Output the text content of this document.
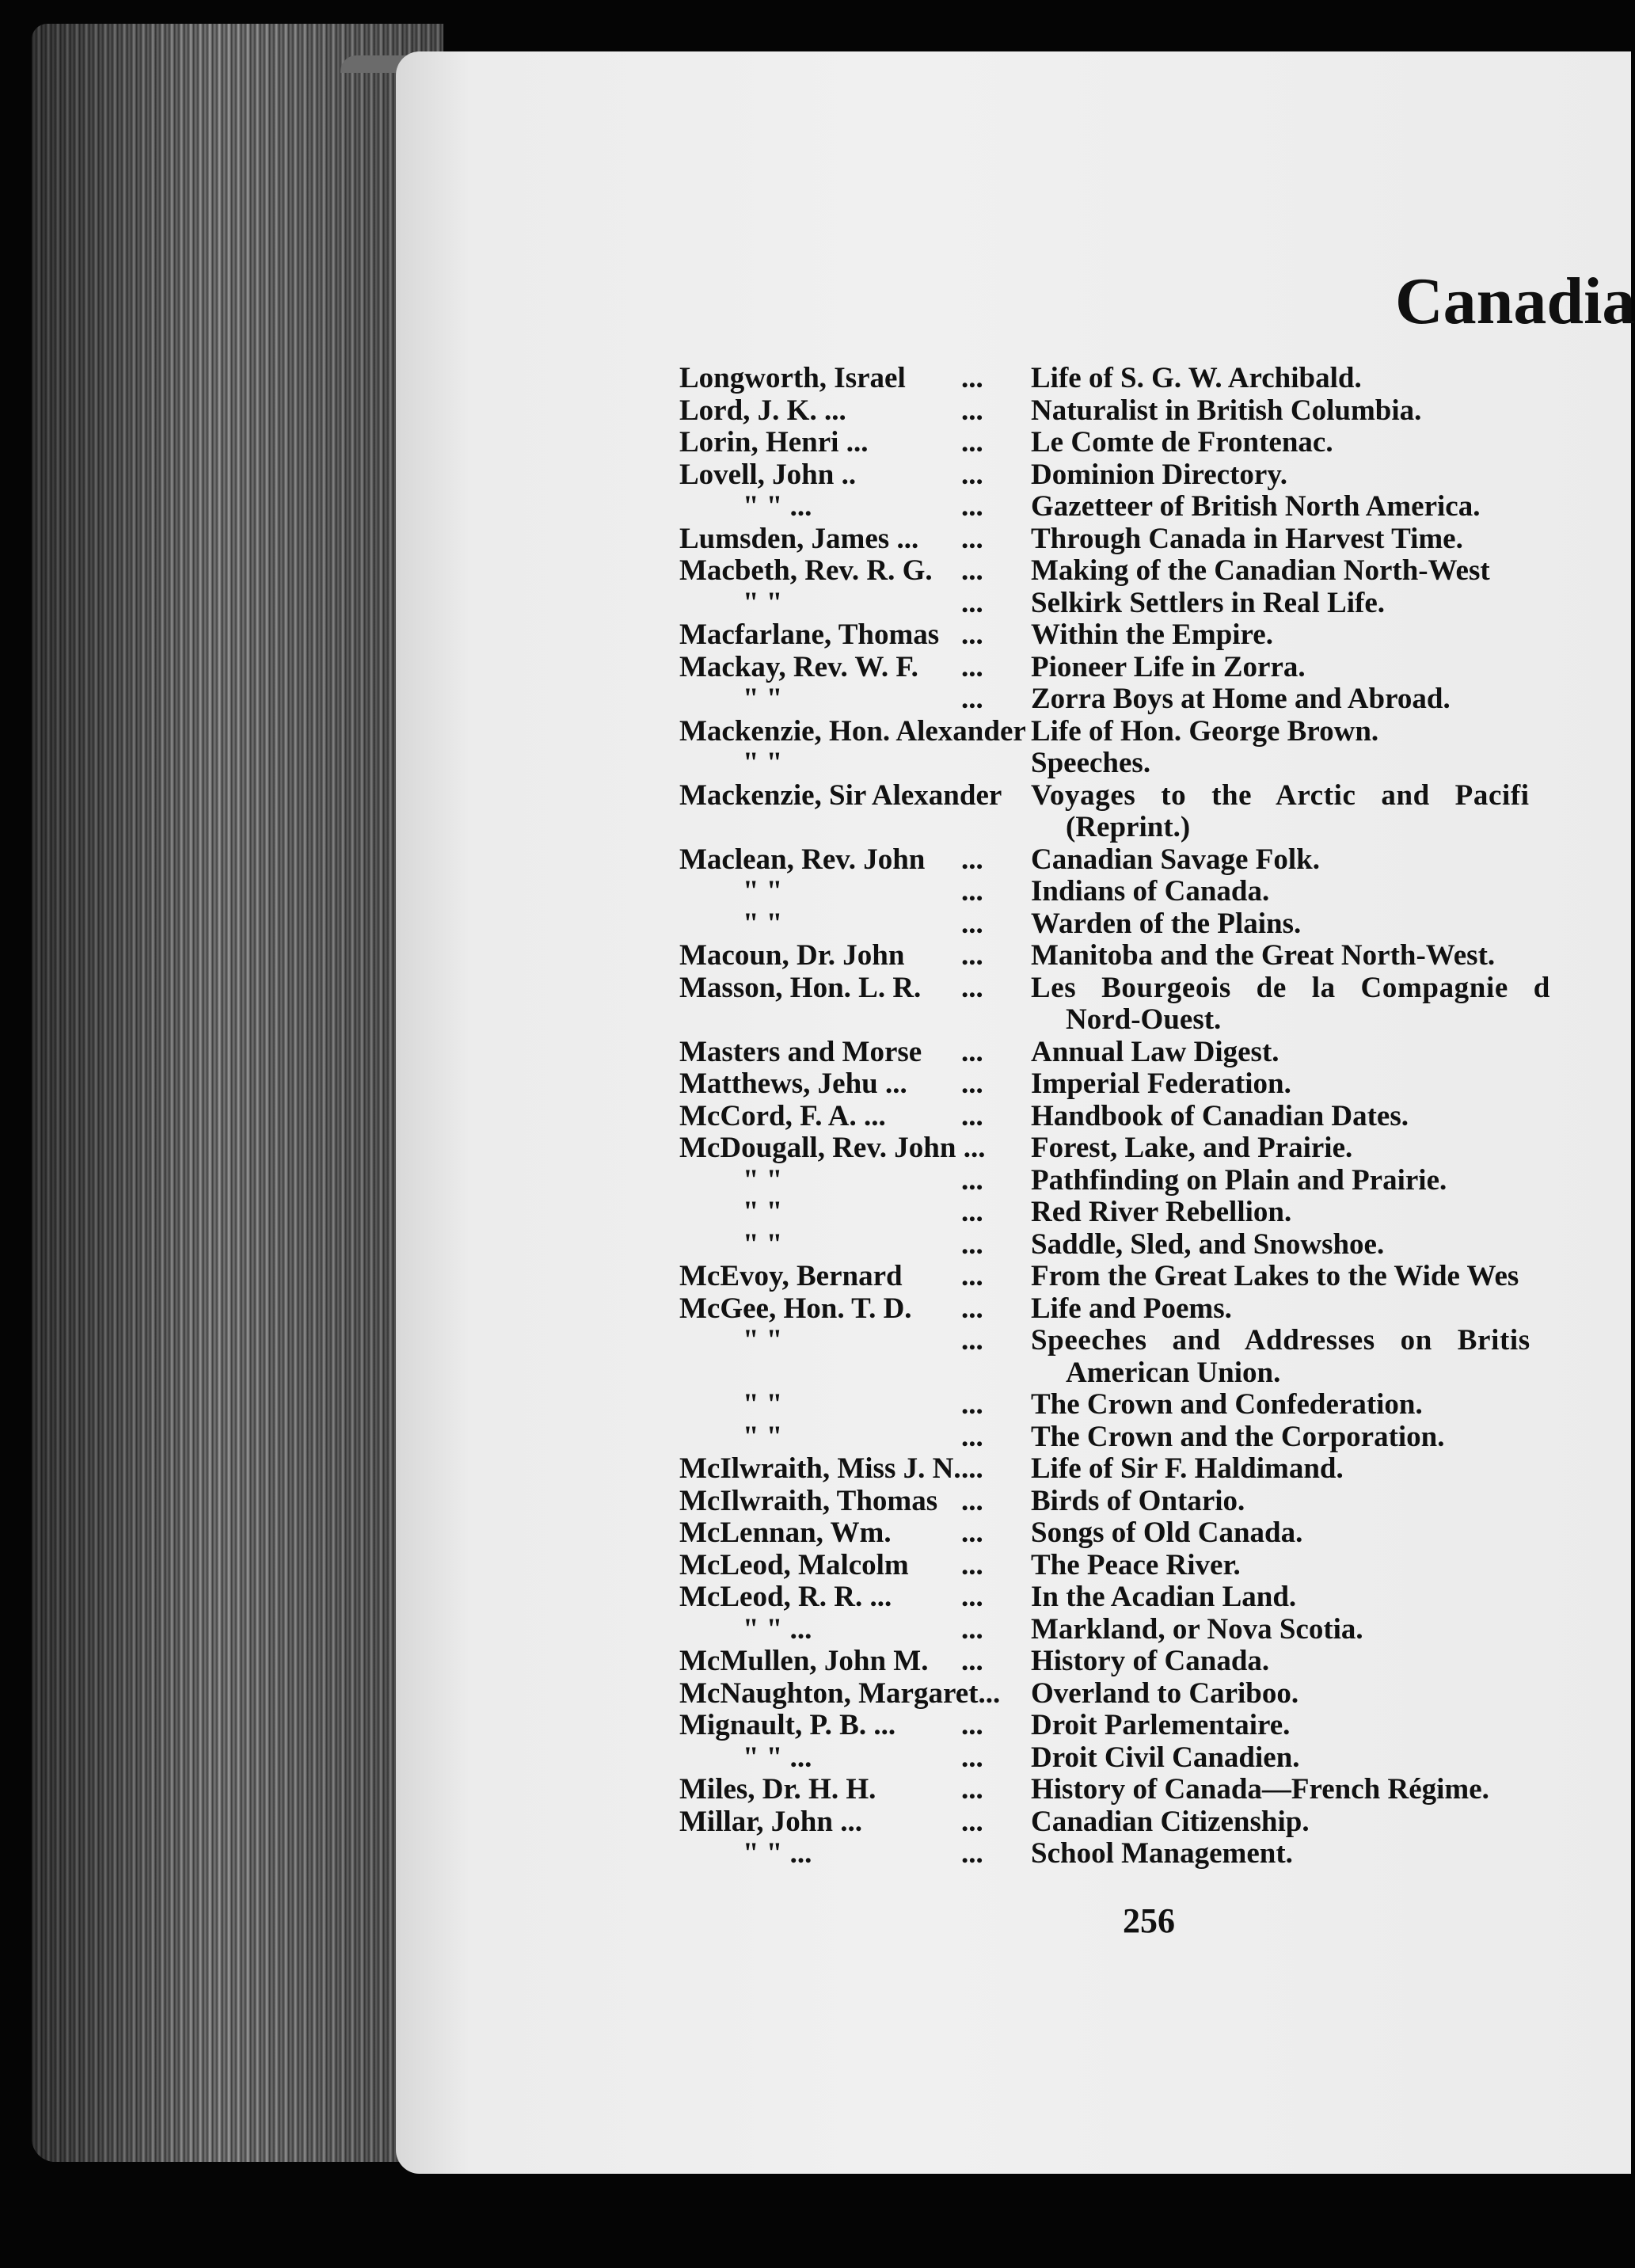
Canadia
Longworth, Israel	...	Life of S. G. W. Archibald.
Lord, J. K. ...	...	Naturalist in British Columbia.
Lorin, Henri ...	...	Le Comte de Frontenac.
Lovell, John ..	...	Dominion Directory.
" " ...	...	Gazetteer of British North America.
Lumsden, James ...	...	Through Canada in Harvest Time.
Macbeth, Rev. R. G. ...	Making of the Canadian North-West
" "	...	Selkirk Settlers in Real Life.
Macfarlane, Thomas ...	Within the Empire.
Mackay, Rev. W. F.	...	Pioneer Life in Zorra.
" "	...	Zorra Boys at Home and Abroad.
Mackenzie, Hon. Alexander Life of Hon. George Brown.
" "	Speeches.
Mackenzie, Sir Alexander Voyages to the Arctic and Pacifi
(Reprint.)
Maclean, Rev. John	...	Canadian Savage Folk.
" "	...	Indians of Canada.
" "	...	Warden of the Plains.
Macoun, Dr. John	...	Manitoba and the Great North-West.
Masson, Hon. L. R.	...	Les Bourgeois de la Compagnie d
Nord-Ouest.
Masters and Morse	...	Annual Law Digest.
Matthews, Jehu ...	...	Imperial Federation.
McCord, F. A. ...	...	Handbook of Canadian Dates.
McDougall, Rev. John ... Forest, Lake, and Prairie.
" "	...	Pathfinding on Plain and Prairie.
" "	...	Red River Rebellion.
" "	...	Saddle, Sled, and Snowshoe.
McEvoy, Bernard	...	From the Great Lakes to the Wide Wes
McGee, Hon. T. D.	...	Life and Poems.
" "	...	Speeches and Addresses on Britis
American Union.
" "	...	The Crown and Confederation.
" "	...	The Crown and the Corporation.
McIlwraith, Miss J. N. ...	Life of Sir F. Haldimand.
McIlwraith, Thomas ...	Birds of Ontario.
McLennan, Wm.	...	Songs of Old Canada.
McLeod, Malcolm	...	The Peace River.
McLeod, R. R. ...	...	In the Acadian Land.
" " ...	...	Markland, or Nova Scotia.
McMullen, John M.	...	History of Canada.
McNaughton, Margaret... Overland to Cariboo.
Mignault, P. B. ...	...	Droit Parlementaire.
" " ...	...	Droit Civil Canadien.
Miles, Dr. H. H.	...	History of Canada—French Régime.
Millar, John ...	...	Canadian Citizenship.
" " ...	...	School Management.
256
